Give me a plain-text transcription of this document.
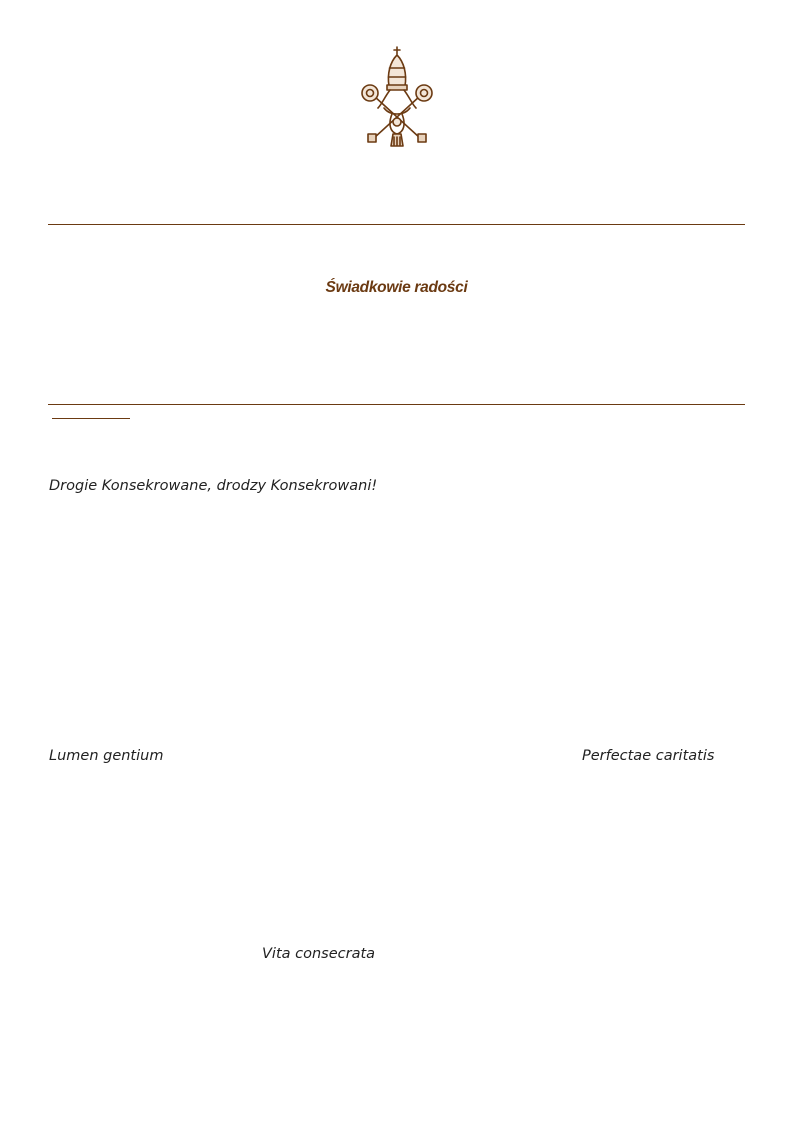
Świadkowie radości
Drogie Konsekrowane, drodzy Konsekrowani!
Lumen gentium	Perfectae caritatis
Vita consecrata
